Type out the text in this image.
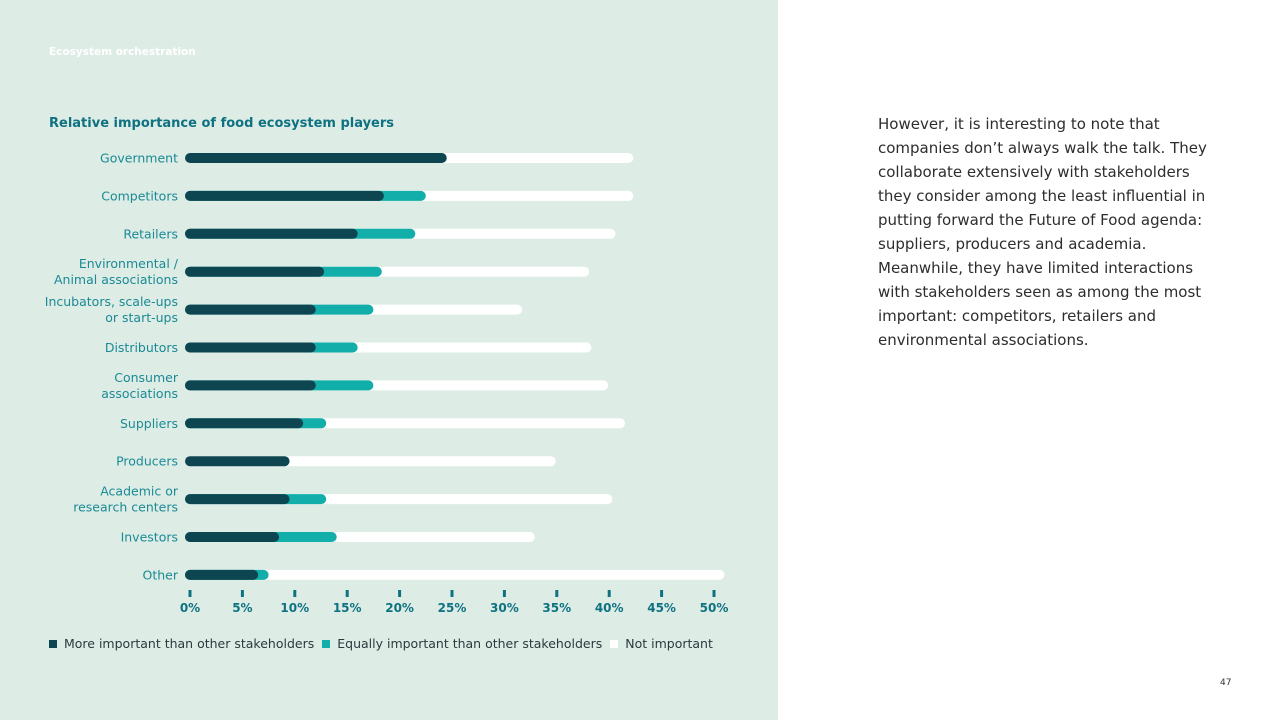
Ecosystem orchestration
Relative importance of food ecosystem players
Government
Competitors
Retailers
Environmental /
Animal associations
Incubators, scale-ups
or start-ups
Distributors
Consumer
associations
Suppliers
Producers
Academic or
research centers
Investors
Other
0%	5% 10% 15% 20% 25% 30% 35% 40% 45% 50%
More important than other stakeholders Equally important than other stakeholders Not important
However, it is interesting to note that companies don’t always walk the talk. They collaborate extensively with stakeholders they consider among the least influential in putting forward the Future of Food agenda: suppliers, producers and academia. Meanwhile, they have limited interactions with stakeholders seen as among the most important: competitors, retailers and environmental associations.
47
